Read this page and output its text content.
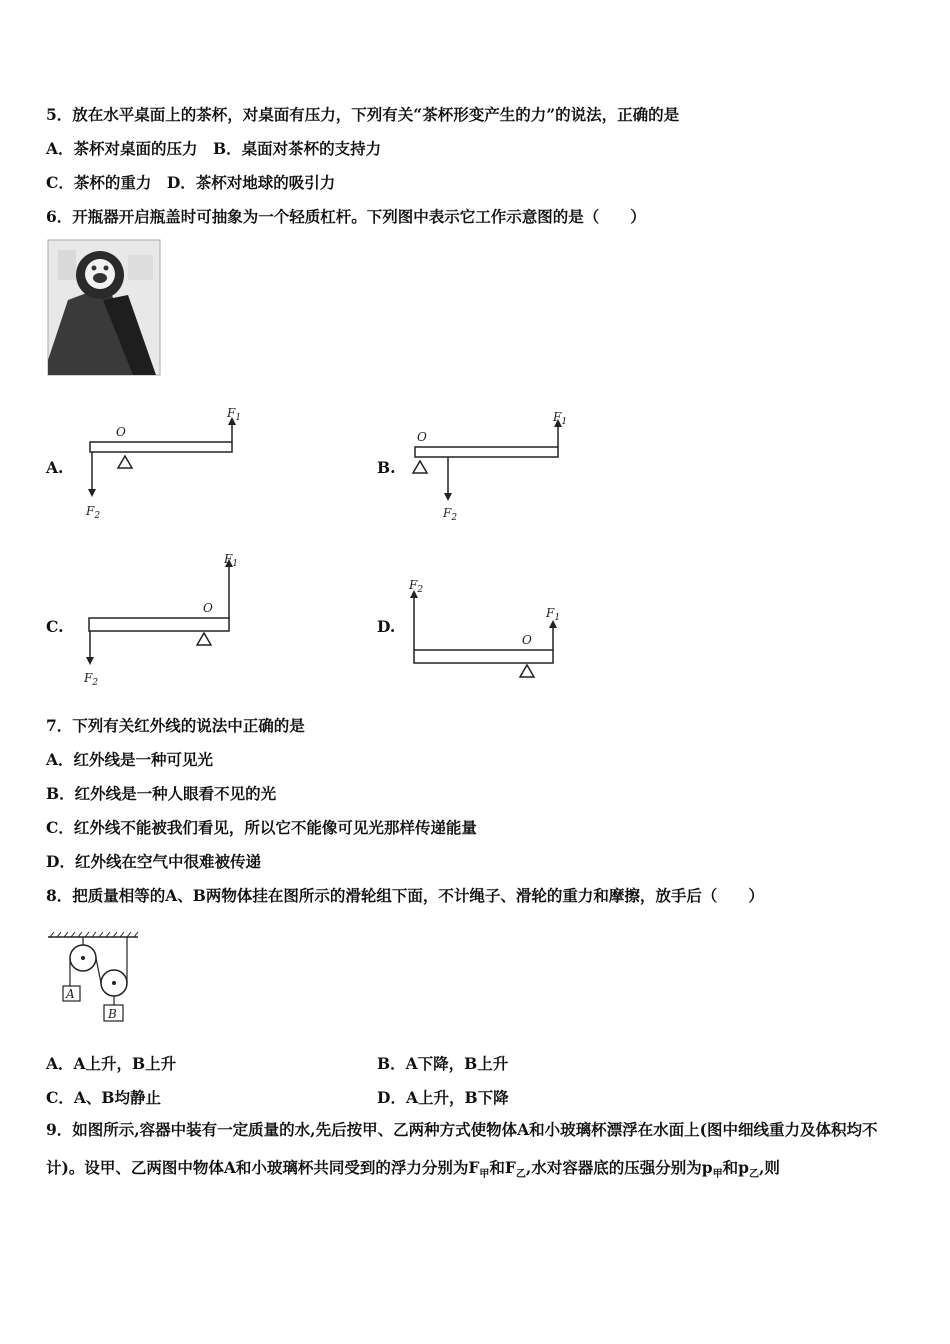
5．放在水平桌面上的茶杯，对桌面有压力，下列有关“茶杯形变产生的力”的说法，正确的是
A．茶杯对桌面的压力　B．桌面对茶杯的支持力
C．茶杯的重力　D．茶杯对地球的吸引力
6．开瓶器开启瓶盖时可抽象为一个轻质杠杆。下列图中表示它工作示意图的是（　　）
A.
O
$F_1$
$F_2$
B.
O
$F_1$
$F_2$
C.
O
$F_1$
$F_2$
D.
O
$F_2$
$F_1$
7．下列有关红外线的说法中正确的是
A．红外线是一种可见光
B．红外线是一种人眼看不见的光
C．红外线不能被我们看见，所以它不能像可见光那样传递能量
D．红外线在空气中很难被传递
8．把质量相等的A、B两物体挂在图所示的滑轮组下面，不计绳子、滑轮的重力和摩擦，放手后（　　）
A
B
A．A上升，B上升	B．A下降，B上升
C．A、B均静止	D．A上升，B下降
9．如图所示,容器中装有一定质量的水,先后按甲、乙两种方式使物体A和小玻璃杯漂浮在水面上(图中细线重力及体积均不计)。设甲、乙两图中物体A和小玻璃杯共同受到的浮力分别为$F_甲$和$F_乙$,水对容器底的压强分别为$p_甲$和$p_乙$,则
